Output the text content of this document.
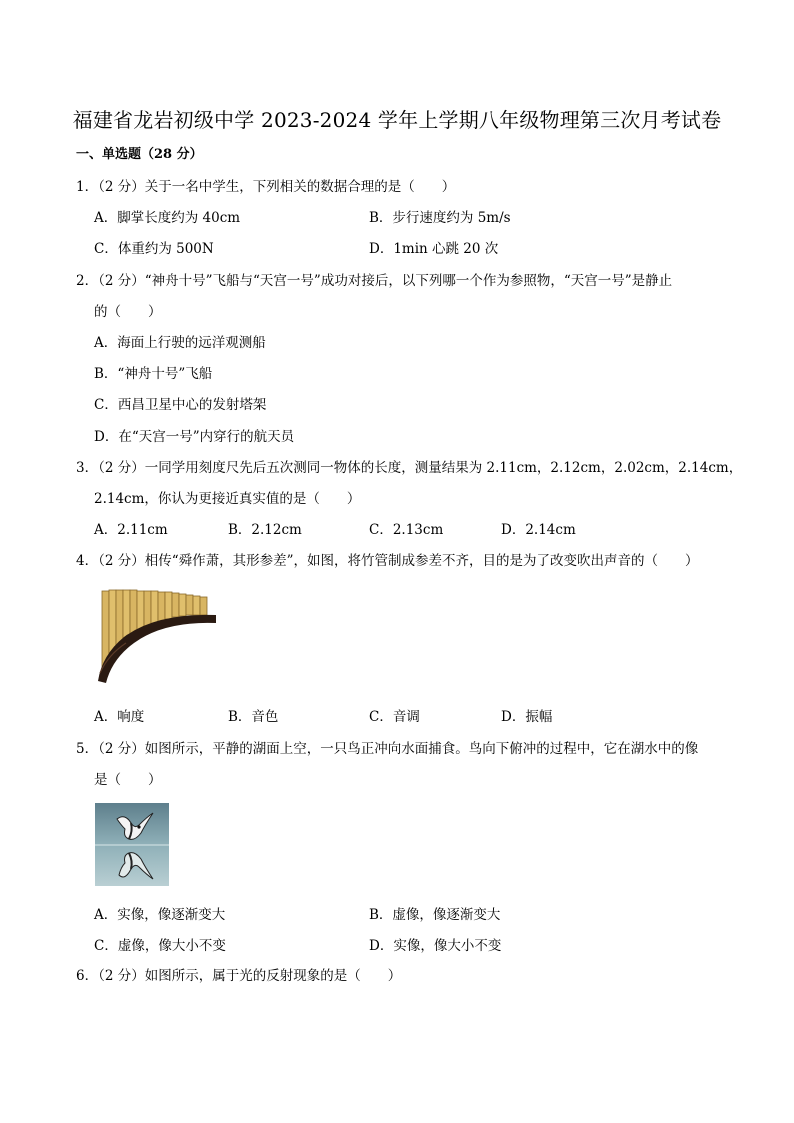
福建省龙岩初级中学 2023-2024 学年上学期八年级物理第三次月考试卷
一、单选题（28 分）
1．（2 分）关于一名中学生，下列相关的数据合理的是（　　）
A．脚掌长度约为 40cm	B．步行速度约为 5m/s
C．体重约为 500N	D．1min 心跳 20 次
2．（2 分）“神舟十号”飞船与“天宫一号”成功对接后，以下列哪一个作为参照物，“天宫一号”是静止
的（　　）
A．海面上行驶的远洋观测船
B．“神舟十号”飞船
C．西昌卫星中心的发射塔架
D．在“天宫一号”内穿行的航天员
3．（2 分）一同学用刻度尺先后五次测同一物体的长度，测量结果为 2.11cm，2.12cm，2.02cm，2.14cm，
2.14cm，你认为更接近真实值的是（　　）
A．2.11cm	B．2.12cm	C．2.13cm	D．2.14cm
4．（2 分）相传“舜作萧，其形参差”，如图，将竹管制成参差不齐，目的是为了改变吹出声音的（　　）
A．响度	B．音色	C．音调	D．振幅
5．（2 分）如图所示，平静的湖面上空，一只鸟正冲向水面捕食。鸟向下俯冲的过程中，它在湖水中的像
是（　　）
A．实像，像逐渐变大	B．虚像，像逐渐变大
C．虚像，像大小不变	D．实像，像大小不变
6．（2 分）如图所示，属于光的反射现象的是（　　）
